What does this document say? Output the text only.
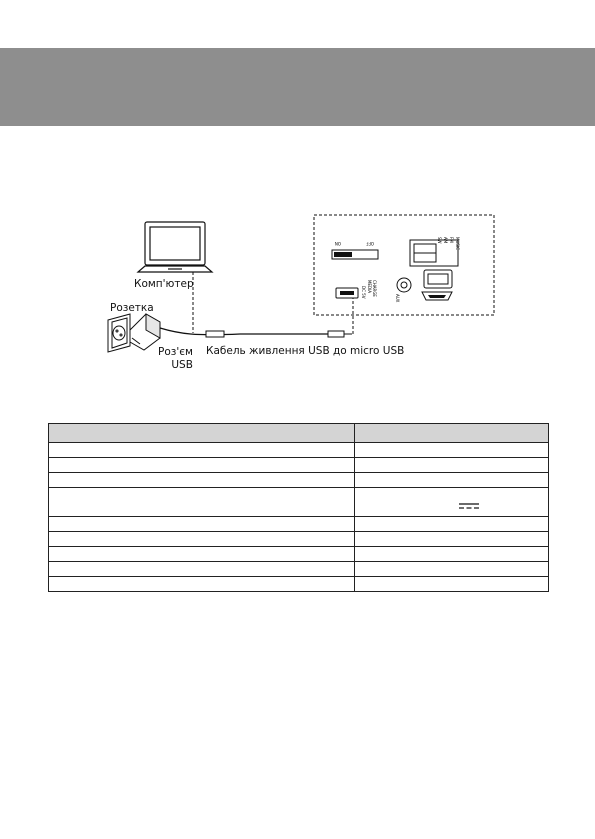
ON	OFF	MUSIC
FM
AM
SW
DC 5V MEDIA CHARGE
AUX
Комп'ютер
Розетка
Роз'єм
USB
Кабель живлення USB до micro USB
